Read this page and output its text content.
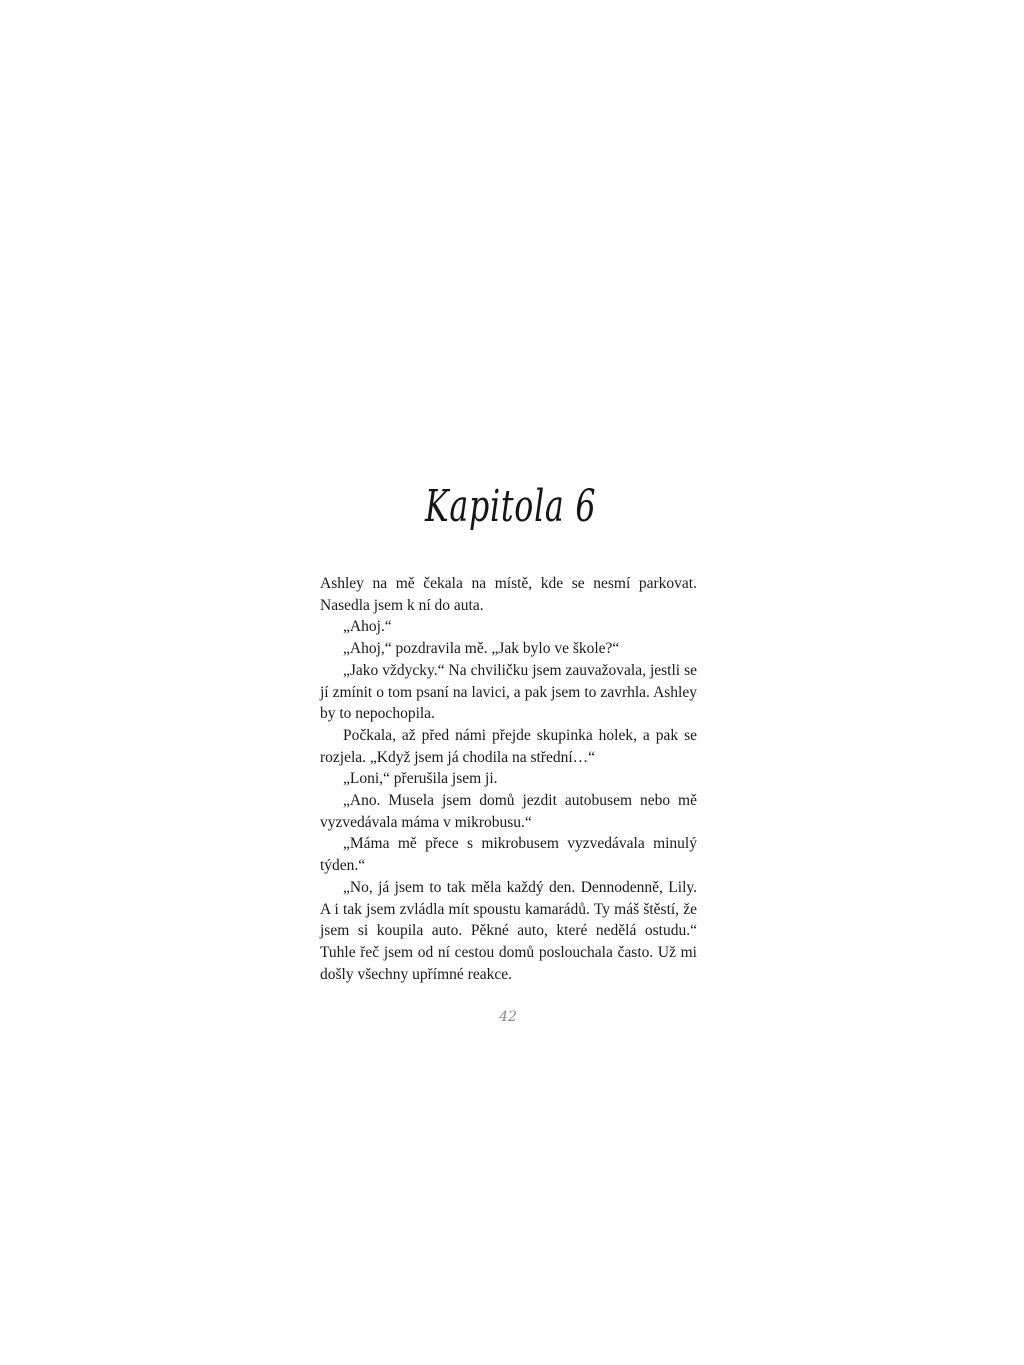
Kapitola 6

Ashley na mě čekala na místě, kde se nesmí parkovat. Nasedla jsem k ní do auta.

„Ahoj.“

„Ahoj,“ pozdravila mě. „Jak bylo ve škole?“

„Jako vždycky.“ Na chviličku jsem zauvažovala, jestli se jí zmínit o tom psaní na lavici, a pak jsem to zavrhla. Ashley by to nepochopila.

Počkala, až před námi přejde skupinka holek, a pak se rozjela. „Když jsem já chodila na střední…“

„Loni,“ přerušila jsem ji.

„Ano. Musela jsem domů jezdit autobusem nebo mě vyzvedávala máma v mikrobusu.“

„Máma mě přece s mikrobusem vyzvedávala minulý týden.“

„No, já jsem to tak měla každý den. Dennodenně, Lily. A i tak jsem zvládla mít spoustu kamarádů. Ty máš štěstí, že jsem si koupila auto. Pěkné auto, které nedělá ostudu.“ Tuhle řeč jsem od ní cestou domů poslouchala často. Už mi došly všechny upřímné reakce.

42
